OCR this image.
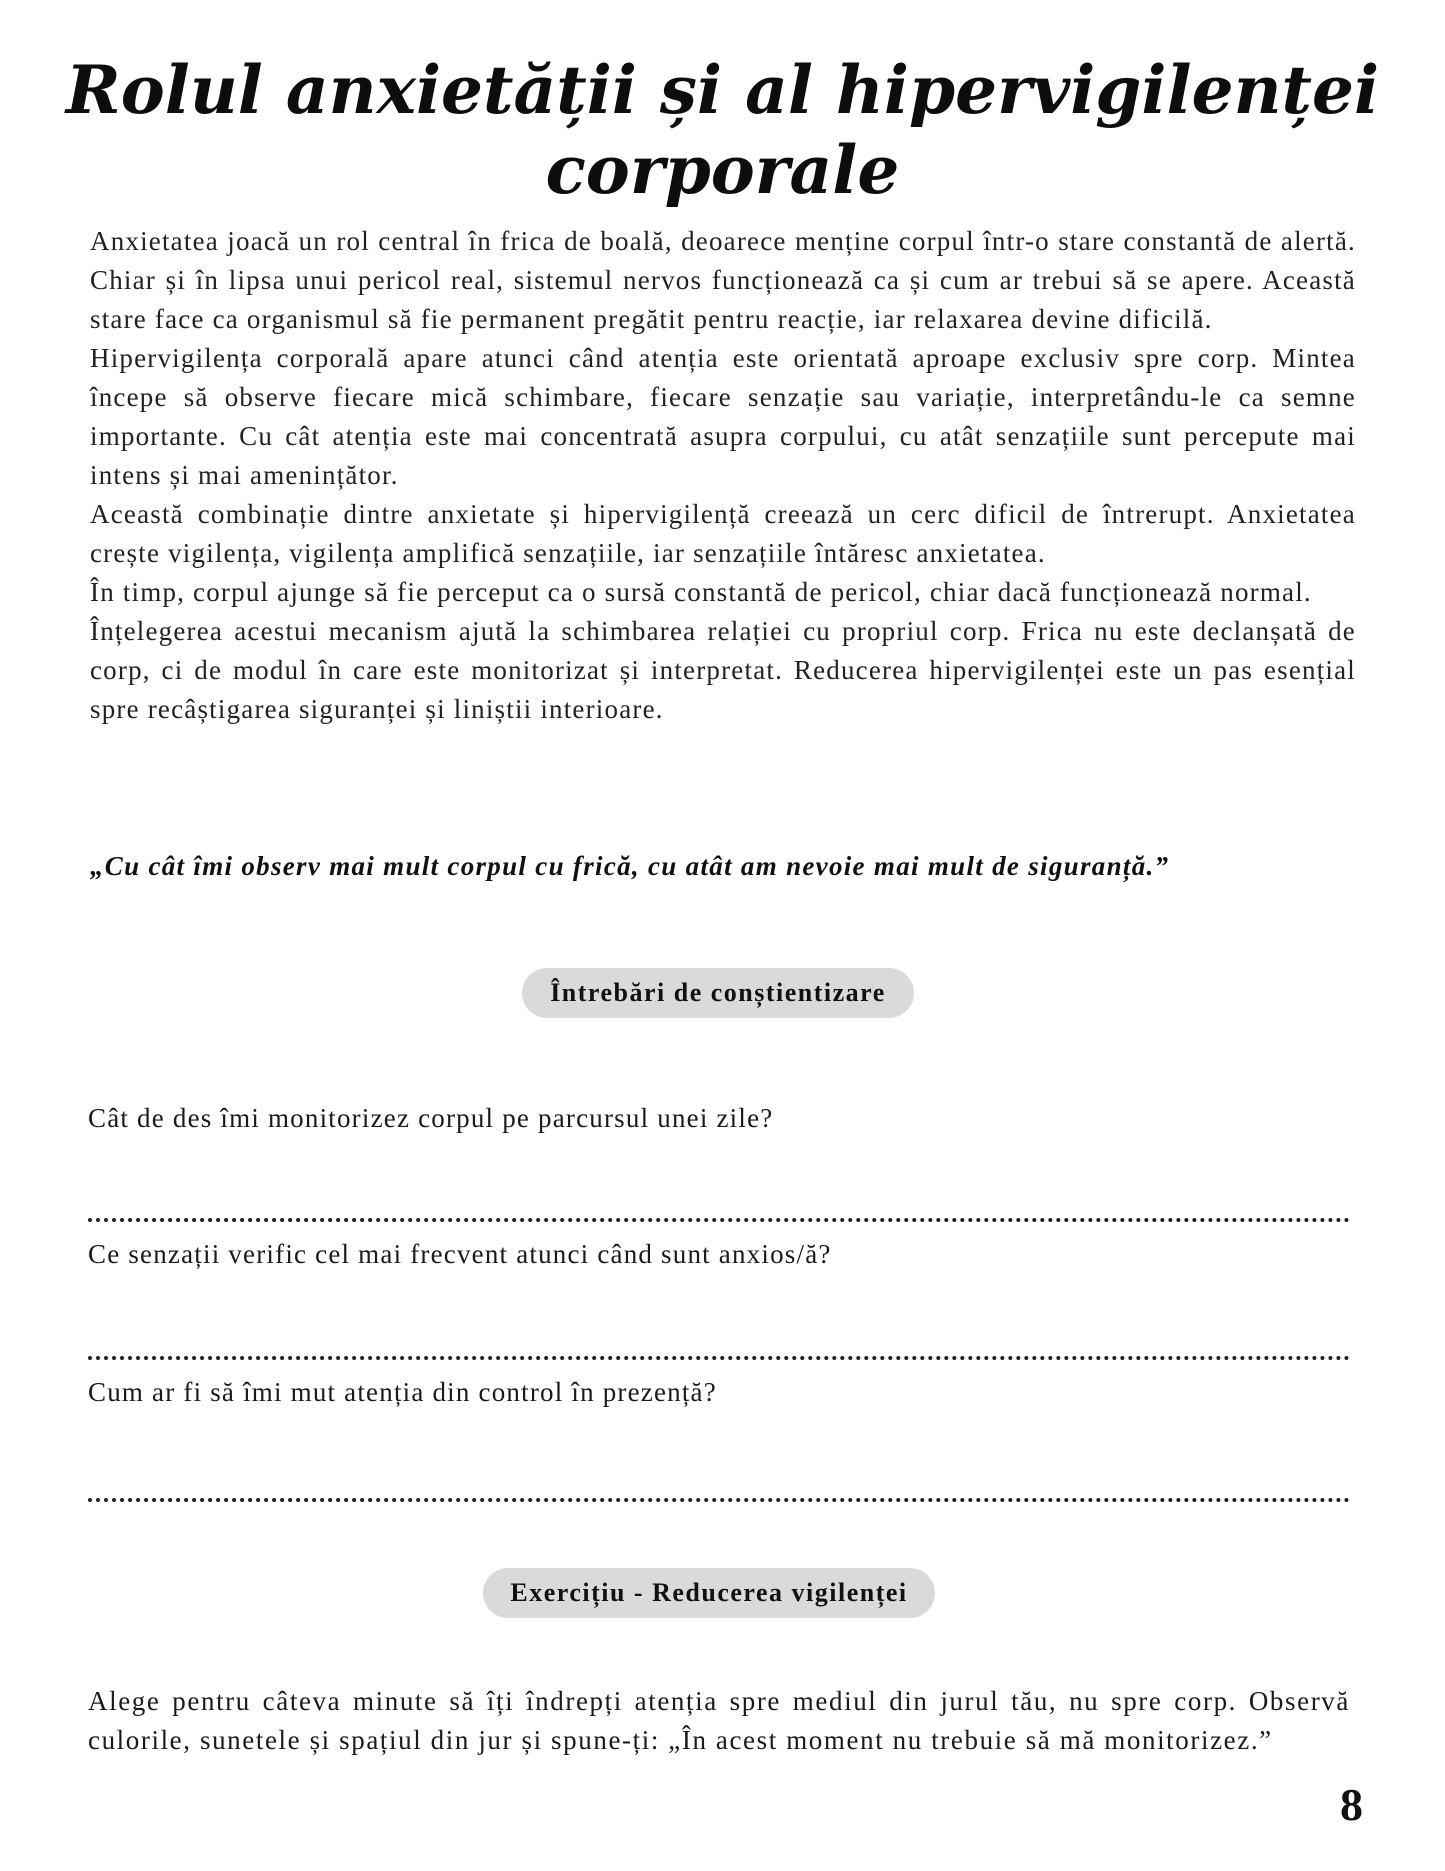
Rolul anxietății și al hipervigilenței
corporale

Anxietatea joacă un rol central în frica de boală, deoarece menține corpul într-o stare constantă de alertă. Chiar și în lipsa unui pericol real, sistemul nervos funcționează ca și cum ar trebui să se apere. Această stare face ca organismul să fie permanent pregătit pentru reacție, iar relaxarea devine dificilă.

Hipervigilența corporală apare atunci când atenția este orientată aproape exclusiv spre corp. Mintea începe să observe fiecare mică schimbare, fiecare senzație sau variație, interpretându-le ca semne importante. Cu cât atenția este mai concentrată asupra corpului, cu atât senzațiile sunt percepute mai intens și mai amenințător.

Această combinație dintre anxietate și hipervigilență creează un cerc dificil de întrerupt. Anxietatea crește vigilența, vigilența amplifică senzațiile, iar senzațiile întăresc anxietatea.

În timp, corpul ajunge să fie perceput ca o sursă constantă de pericol, chiar dacă funcționează normal.

Înțelegerea acestui mecanism ajută la schimbarea relației cu propriul corp. Frica nu este declanșată de corp, ci de modul în care este monitorizat și interpretat. Reducerea hipervigilenței este un pas esențial spre recâștigarea siguranței și liniștii interioare.

„Cu cât îmi observ mai mult corpul cu frică, cu atât am nevoie mai mult de siguranță.”
Întrebări de conștientizare
Cât de des îmi monitorizez corpul pe parcursul unei zile?
Ce senzații verific cel mai frecvent atunci când sunt anxios/ă?
Cum ar fi să îmi mut atenția din control în prezență?
Exercițiu - Reducerea vigilenței
Alege pentru câteva minute să îți îndrepți atenția spre mediul din jurul tău, nu spre corp. Observă culorile, sunetele și spațiul din jur și spune-ți: „În acest moment nu trebuie să mă monitorizez.”
8
